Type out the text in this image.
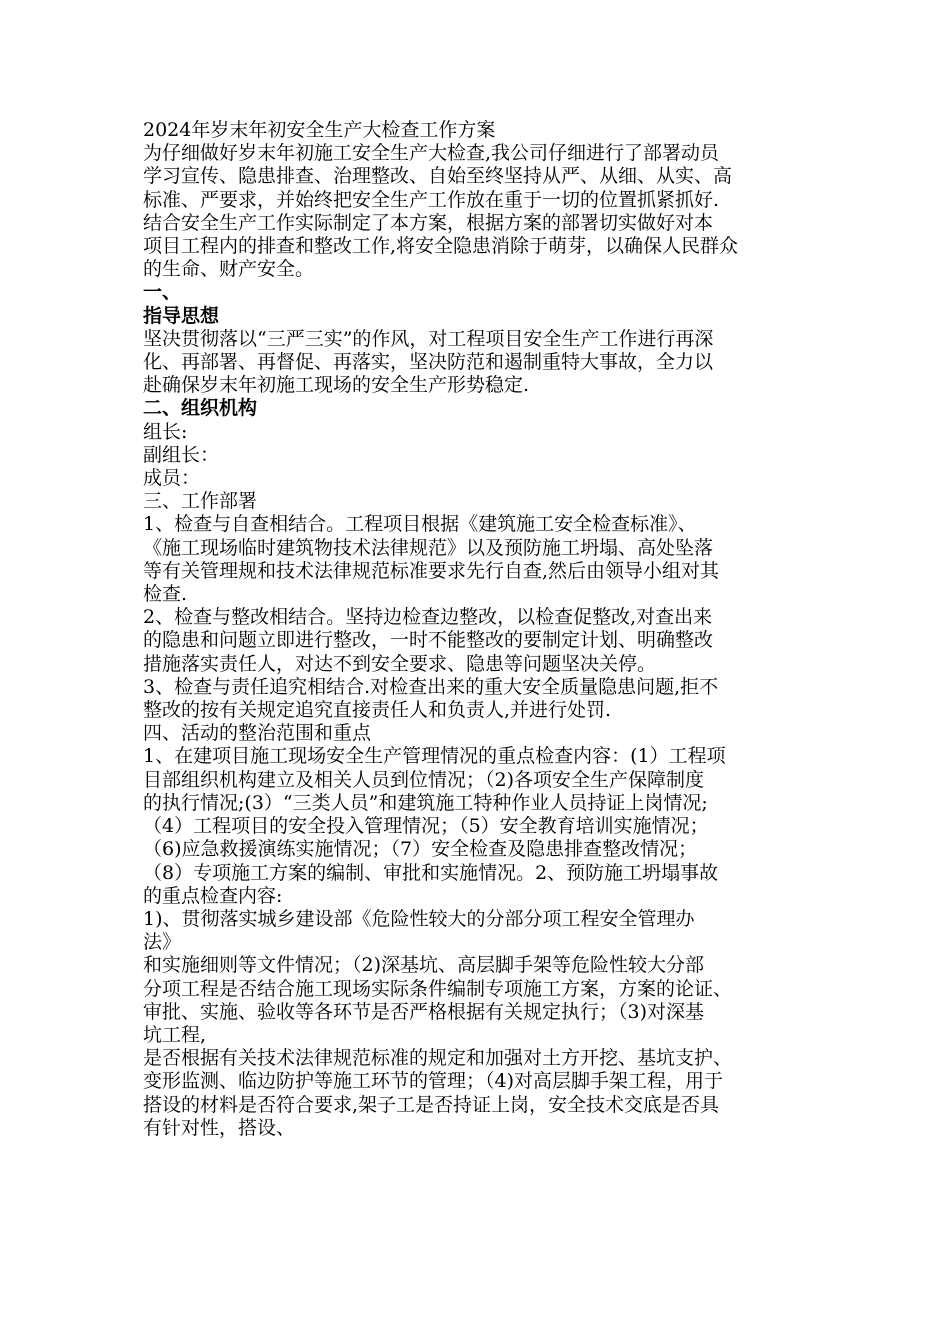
2024年岁末年初安全生产大检查工作方案
为仔细做好岁末年初施工安全生产大检查,我公司仔细进行了部署动员
学习宣传、隐患排查、治理整改、自始至终坚持从严、从细、从实、高
标准、严要求，并始终把安全生产工作放在重于一切的位置抓紧抓好.
结合安全生产工作实际制定了本方案，根据方案的部署切实做好对本
项目工程内的排查和整改工作,将安全隐患消除于萌芽，以确保人民群众
的生命、财产安全。
一、
指导思想
坚决贯彻落以“三严三实”的作风，对工程项目安全生产工作进行再深
化、再部署、再督促、再落实，坚决防范和遏制重特大事故，全力以
赴确保岁末年初施工现场的安全生产形势稳定.
二、组织机构
组长:
副组长：
成员：
三、工作部署
1、检查与自查相结合。工程项目根据《建筑施工安全检查标准》、
《施工现场临时建筑物技术法律规范》以及预防施工坍塌、高处坠落
等有关管理规和技术法律规范标准要求先行自查,然后由领导小组对其
检查.
2、检查与整改相结合。坚持边检查边整改，以检查促整改,对查出来
的隐患和问题立即进行整改，一时不能整改的要制定计划、明确整改
措施落实责任人，对达不到安全要求、隐患等问题坚决关停。
3、检查与责任追究相结合.对检查出来的重大安全质量隐患问题,拒不
整改的按有关规定追究直接责任人和负责人,并进行处罚.
四、活动的整治范围和重点
1、在建项目施工现场安全生产管理情况的重点检查内容：(1）工程项
目部组织机构建立及相关人员到位情况；（2)各项安全生产保障制度
的执行情况;(3）“三类人员”和建筑施工特种作业人员持证上岗情况;
（4）工程项目的安全投入管理情况；（5）安全教育培训实施情况；
（6)应急救援演练实施情况；（7）安全检查及隐患排查整改情况；
（8）专项施工方案的编制、审批和实施情况。2、预防施工坍塌事故
的重点检查内容:
1)、贯彻落实城乡建设部《危险性较大的分部分项工程安全管理办
法》
和实施细则等文件情况；（2)深基坑、高层脚手架等危险性较大分部
分项工程是否结合施工现场实际条件编制专项施工方案，方案的论证、
审批、实施、验收等各环节是否严格根据有关规定执行；（3)对深基
坑工程,
是否根据有关技术法律规范标准的规定和加强对土方开挖、基坑支护、
变形监测、临边防护等施工环节的管理；（4)对高层脚手架工程，用于
搭设的材料是否符合要求,架子工是否持证上岗，安全技术交底是否具
有针对性，搭设、
